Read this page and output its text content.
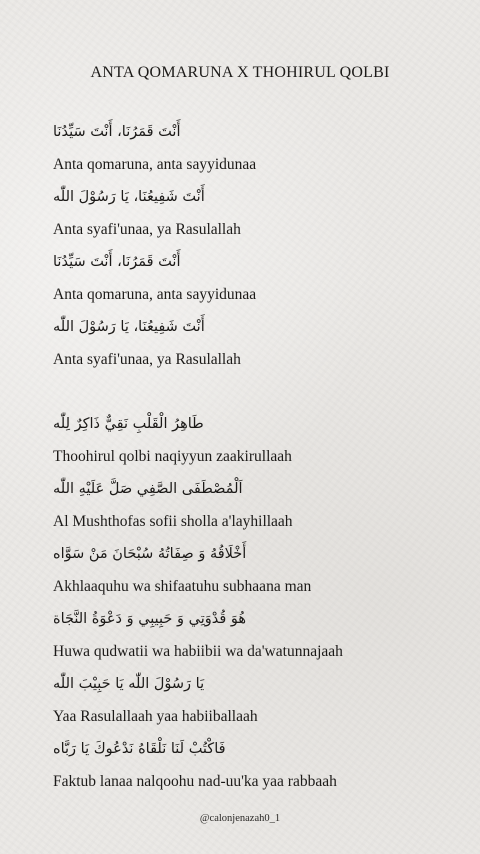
ANTA QOMARUNA X THOHIRUL QOLBI
أَنْتَ قَمَرُنَا، أَنْتَ سَيِّدُنَا
Anta qomaruna, anta sayyidunaa
أَنْتَ شَفِيعُنَا، يَا رَسُوْلَ اللّٰه
Anta syafi'unaa, ya Rasulallah
أَنْتَ قَمَرُنَا، أَنْتَ سَيِّدُنَا
Anta qomaruna, anta sayyidunaa
أَنْتَ شَفِيعُنَا، يَا رَسُوْلَ اللّٰه
Anta syafi'unaa, ya Rasulallah
طَاهِرُ الْقَلْبِ نَقِيٌّ ذَاكِرٌ لِلّٰه
Thoohirul qolbi naqiyyun zaakirullaah
اَلْمُصْطَفَى الصَّفِي صَلَّ عَلَيْهِ اللّٰه
Al Mushthofas sofii sholla a'layhillaah
أَخْلَاقُهُ وَ صِفَاتُهُ سُبْحَانَ مَنْ سَوَّاه
Akhlaaquhu wa shifaatuhu subhaana man
هُوَ قُدْوَتِي وَ حَبِيبِي وَ دَعْوَةُ النَّجَاة
Huwa qudwatii wa habiibii wa da'watunnajaah
يَا رَسُوْلَ اللّٰه يَا حَبِيْبَ اللّٰه
Yaa Rasulallaah yaa habiiballaah
فَاكْتُبْ لَنَا نَلْقَاهُ نَدْعُوكَ يَا رَبَّاه
Faktub lanaa nalqoohu nad-uu'ka yaa rabbaah
@calonjenazah0_1
